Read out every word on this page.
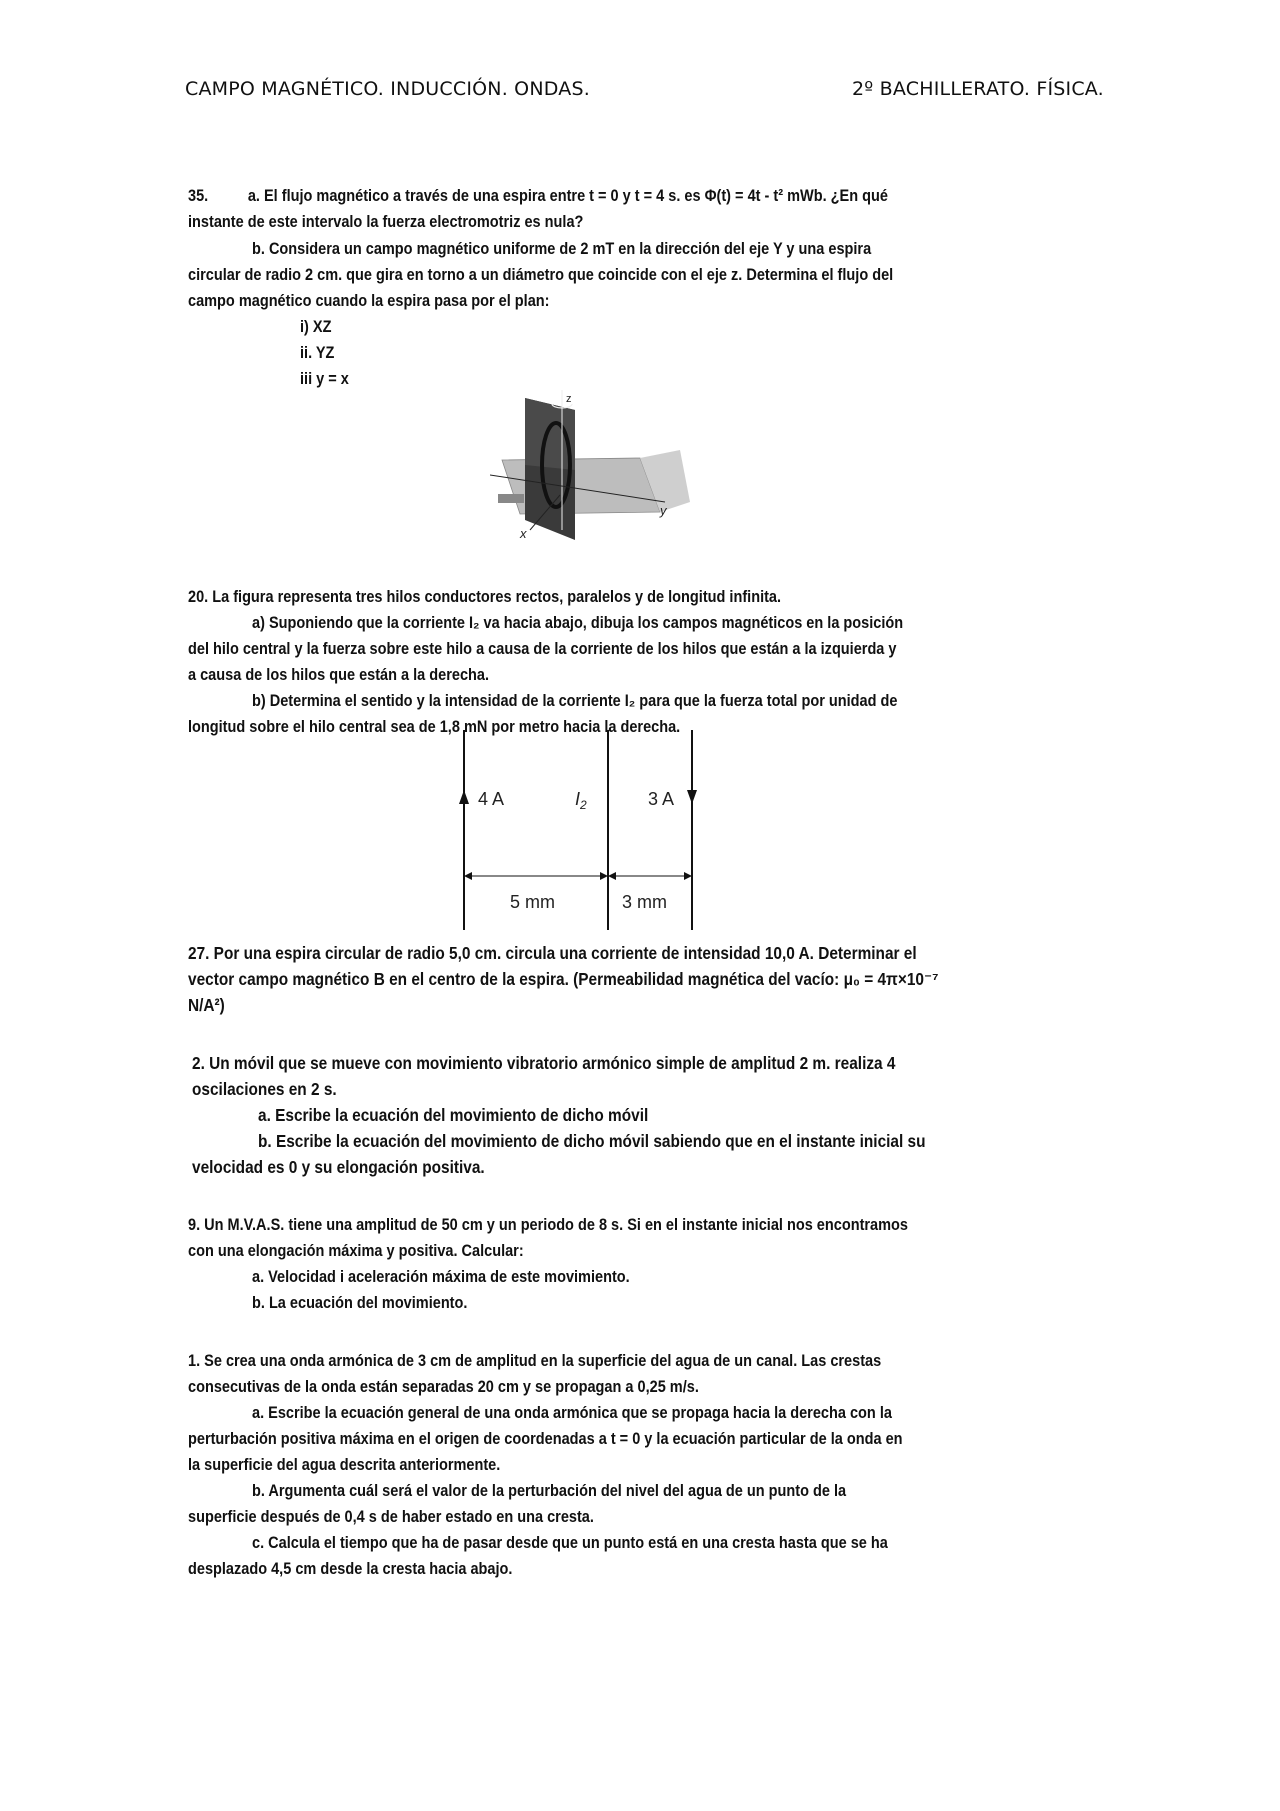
CAMPO MAGNÉTICO. INDUCCIÓN. ONDAS.	2º BACHILLERATO. FÍSICA.

35. a. El flujo magnético a través de una espira entre t = 0 y t = 4 s. es Φ(t) = 4t - t² mWb. ¿En qué

instante de este intervalo la fuerza electromotriz es nula?

b. Considera un campo magnético uniforme de 2 mT en la dirección del eje Y y una espira

circular de radio 2 cm. que gira en torno a un diámetro que coincide con el eje z. Determina el flujo del

campo magnético cuando la espira pasa por el plan:

i) XZ

ii. YZ

iii y = x

z
y
x

20. La figura representa tres hilos conductores rectos, paralelos y de longitud infinita.

a) Suponiendo que la corriente I₂ va hacia abajo, dibuja los campos magnéticos en la posición

del hilo central y la fuerza sobre este hilo a causa de la corriente de los hilos que están a la izquierda y

a causa de los hilos que están a la derecha.

b) Determina el sentido y la intensidad de la corriente I₂ para que la fuerza total por unidad de

longitud sobre el hilo central sea de 1,8 mN por metro hacia la derecha.

4 A	$I_2$	3 A
5 mm	3 mm

27. Por una espira circular de radio 5,0 cm. circula una corriente de intensidad 10,0 A. Determinar el

vector campo magnético B en el centro de la espira. (Permeabilidad magnética del vacío: μ₀ = 4π×10⁻⁷

N/A²)

2. Un móvil que se mueve con movimiento vibratorio armónico simple de amplitud 2 m. realiza 4

oscilaciones en 2 s.

a. Escribe la ecuación del movimiento de dicho móvil

b. Escribe la ecuación del movimiento de dicho móvil sabiendo que en el instante inicial su

velocidad es 0 y su elongación positiva.

9. Un M.V.A.S. tiene una amplitud de 50 cm y un periodo de 8 s. Si en el instante inicial nos encontramos

con una elongación máxima y positiva. Calcular:

a. Velocidad i aceleración máxima de este movimiento.

b. La ecuación del movimiento.

1. Se crea una onda armónica de 3 cm de amplitud en la superficie del agua de un canal. Las crestas

consecutivas de la onda están separadas 20 cm y se propagan a 0,25 m/s.

a. Escribe la ecuación general de una onda armónica que se propaga hacia la derecha con la

perturbación positiva máxima en el origen de coordenadas a t = 0 y la ecuación particular de la onda en

la superficie del agua descrita anteriormente.

b. Argumenta cuál será el valor de la perturbación del nivel del agua de un punto de la

superficie después de 0,4 s de haber estado en una cresta.

c. Calcula el tiempo que ha de pasar desde que un punto está en una cresta hasta que se ha

desplazado 4,5 cm desde la cresta hacia abajo.
